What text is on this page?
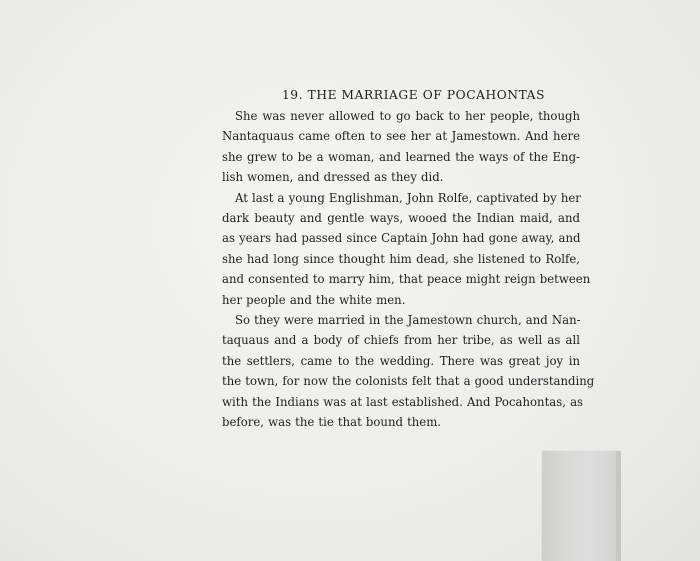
19. THE MARRIAGE OF POCAHONTAS

She was never allowed to go back to her people, though
Nantaquaus came often to see her at Jamestown. And here
she grew to be a woman, and learned the ways of the Eng-
lish women, and dressed as they did.

At last a young Englishman, John Rolfe, captivated by her
dark beauty and gentle ways, wooed the Indian maid, and
as years had passed since Captain John had gone away, and
she had long since thought him dead, she listened to Rolfe,
and consented to marry him, that peace might reign between
her people and the white men.

So they were married in the Jamestown church, and Nan-
taquaus and a body of chiefs from her tribe, as well as all
the settlers, came to the wedding. There was great joy in
the town, for now the colonists felt that a good understanding
with the Indians was at last established. And Pocahontas, as
before, was the tie that bound them.
